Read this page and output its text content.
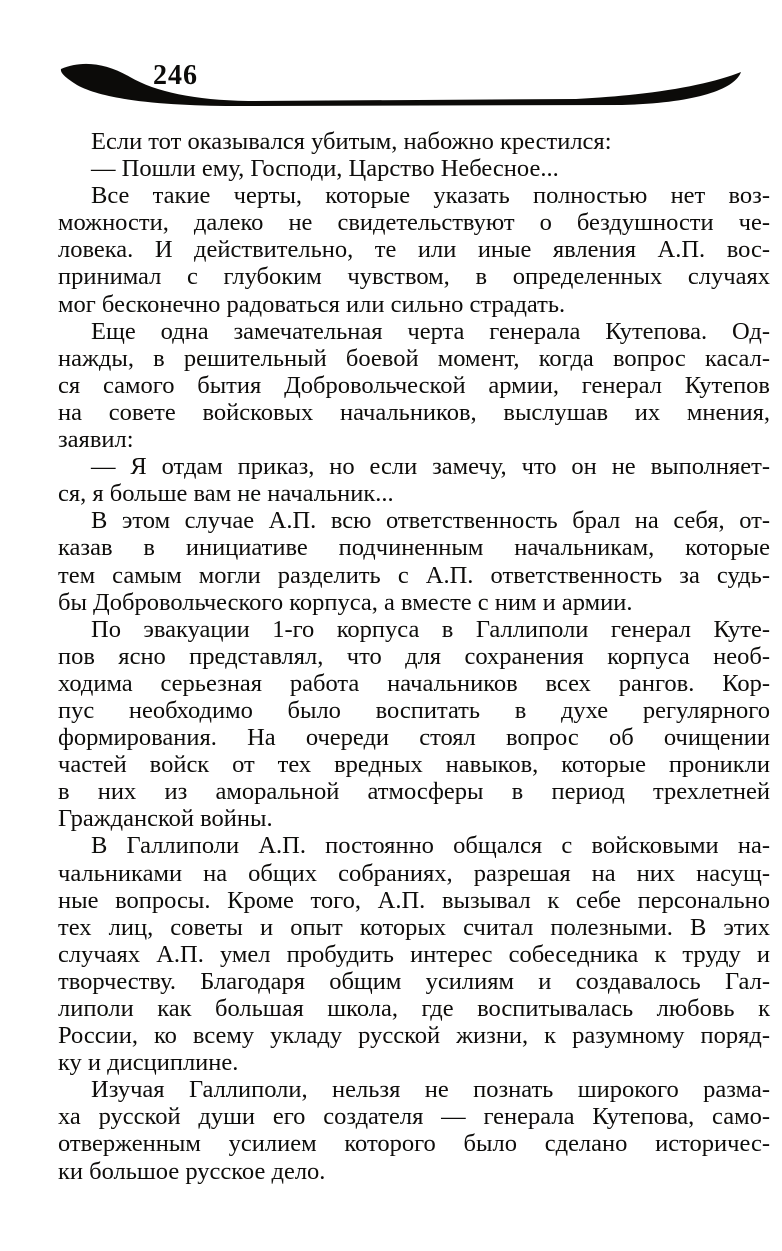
246
Если тот оказывался убитым, набожно крестился:
— Пошли ему, Господи, Царство Небесное...
Все такие черты, которые указать полностью нет воз-
можности, далеко не свидетельствуют о бездушности че-
ловека. И действительно, те или иные явления А.П. вос-
принимал с глубоким чувством, в определенных случаях
мог бесконечно радоваться или сильно страдать.
Еще одна замечательная черта генерала Кутепова. Од-
нажды, в решительный боевой момент, когда вопрос касал-
ся самого бытия Добровольческой армии, генерал Кутепов
на совете войсковых начальников, выслушав их мнения,
заявил:
— Я отдам приказ, но если замечу, что он не выполняет-
ся, я больше вам не начальник...
В этом случае А.П. всю ответственность брал на себя, от-
казав в инициативе подчиненным начальникам, которые
тем самым могли разделить с А.П. ответственность за судь-
бы Добровольческого корпуса, а вместе с ним и армии.
По эвакуации 1-го корпуса в Галлиполи генерал Куте-
пов ясно представлял, что для сохранения корпуса необ-
ходима серьезная работа начальников всех рангов. Кор-
пус необходимо было воспитать в духе регулярного
формирования. На очереди стоял вопрос об очищении
частей войск от тех вредных навыков, которые проникли
в них из аморальной атмосферы в период трехлетней
Гражданской войны.
В Галлиполи А.П. постоянно общался с войсковыми на-
чальниками на общих собраниях, разрешая на них насущ-
ные вопросы. Кроме того, А.П. вызывал к себе персонально
тех лиц, советы и опыт которых считал полезными. В этих
случаях А.П. умел пробудить интерес собеседника к труду и
творчеству. Благодаря общим усилиям и создавалось Гал-
липоли как большая школа, где воспитывалась любовь к
России, ко всему укладу русской жизни, к разумному поряд-
ку и дисциплине.
Изучая Галлиполи, нельзя не познать широкого разма-
ха русской души его создателя — генерала Кутепова, само-
отверженным усилием которого было сделано историчес-
ки большое русское дело.
